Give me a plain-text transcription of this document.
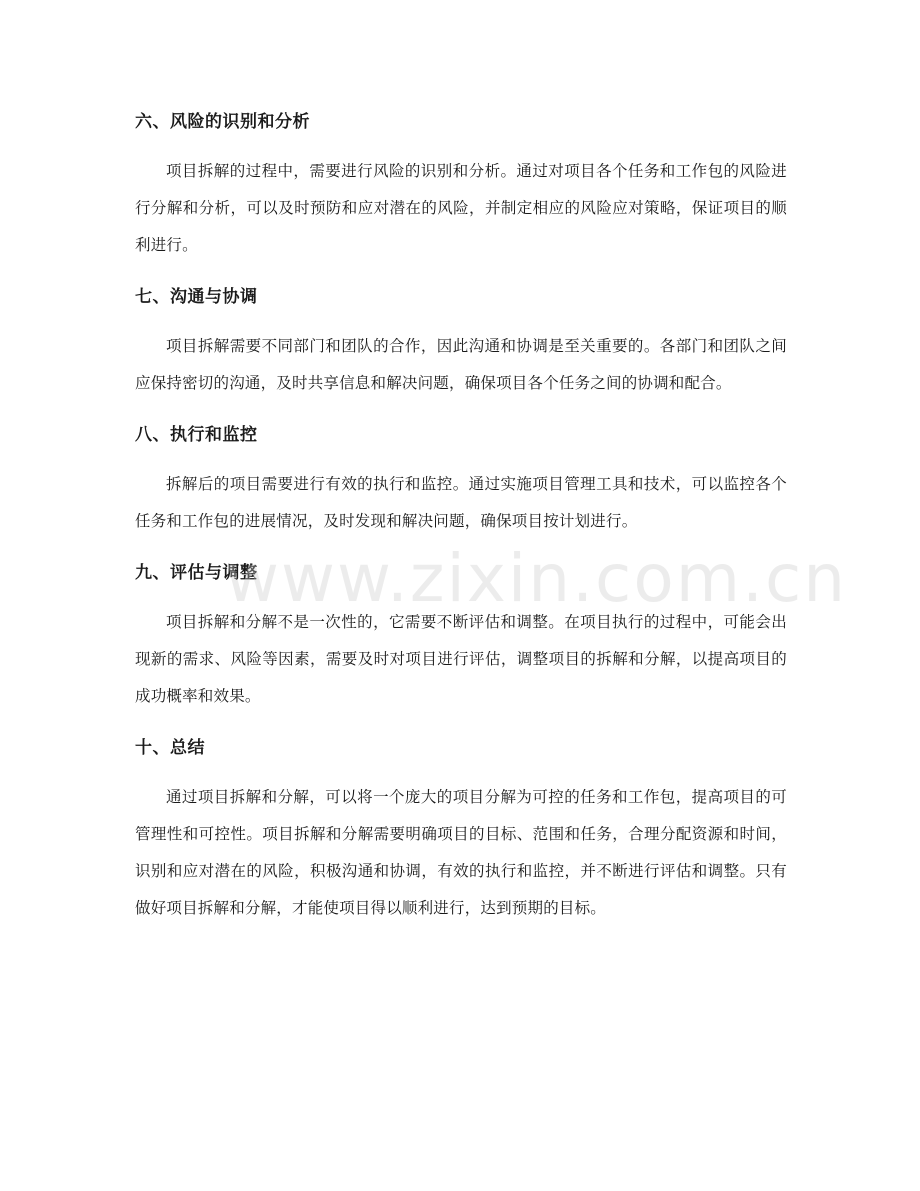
六、风险的识别和分析

项目拆解的过程中，需要进行风险的识别和分析。通过对项目各个任务和工作包的风险进行分解和分析，可以及时预防和应对潜在的风险，并制定相应的风险应对策略，保证项目的顺利进行。

七、沟通与协调

项目拆解需要不同部门和团队的合作，因此沟通和协调是至关重要的。各部门和团队之间应保持密切的沟通，及时共享信息和解决问题，确保项目各个任务之间的协调和配合。

八、执行和监控

拆解后的项目需要进行有效的执行和监控。通过实施项目管理工具和技术，可以监控各个任务和工作包的进展情况，及时发现和解决问题，确保项目按计划进行。

九、评估与调整

项目拆解和分解不是一次性的，它需要不断评估和调整。在项目执行的过程中，可能会出现新的需求、风险等因素，需要及时对项目进行评估，调整项目的拆解和分解，以提高项目的成功概率和效果。

十、总结

通过项目拆解和分解，可以将一个庞大的项目分解为可控的任务和工作包，提高项目的可管理性和可控性。项目拆解和分解需要明确项目的目标、范围和任务，合理分配资源和时间，识别和应对潜在的风险，积极沟通和协调，有效的执行和监控，并不断进行评估和调整。只有做好项目拆解和分解，才能使项目得以顺利进行，达到预期的目标。

www.zixin.com.cn
